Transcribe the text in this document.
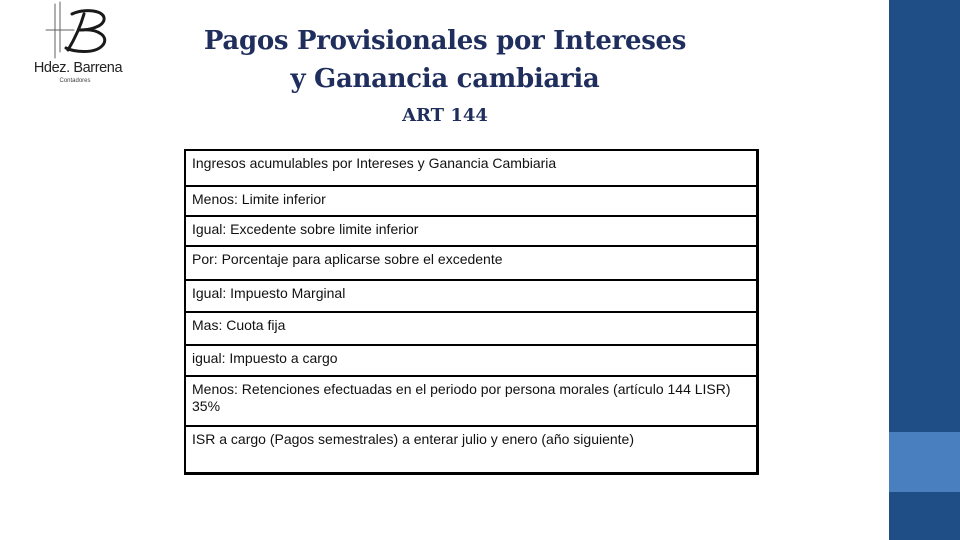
Hdez. Barrena
Contadores
Pagos Provisionales por Intereses
y Ganancia cambiaria
ART 144
Ingresos acumulables por Intereses y Ganancia Cambiaria
Menos: Limite inferior
Igual: Excedente sobre limite inferior
Por: Porcentaje para aplicarse sobre el excedente
Igual: Impuesto Marginal
Mas: Cuota fija
igual: Impuesto a cargo
Menos: Retenciones efectuadas en el periodo por persona morales (artículo 144 LISR) 35%
ISR a cargo (Pagos semestrales) a enterar julio y enero (año siguiente)
